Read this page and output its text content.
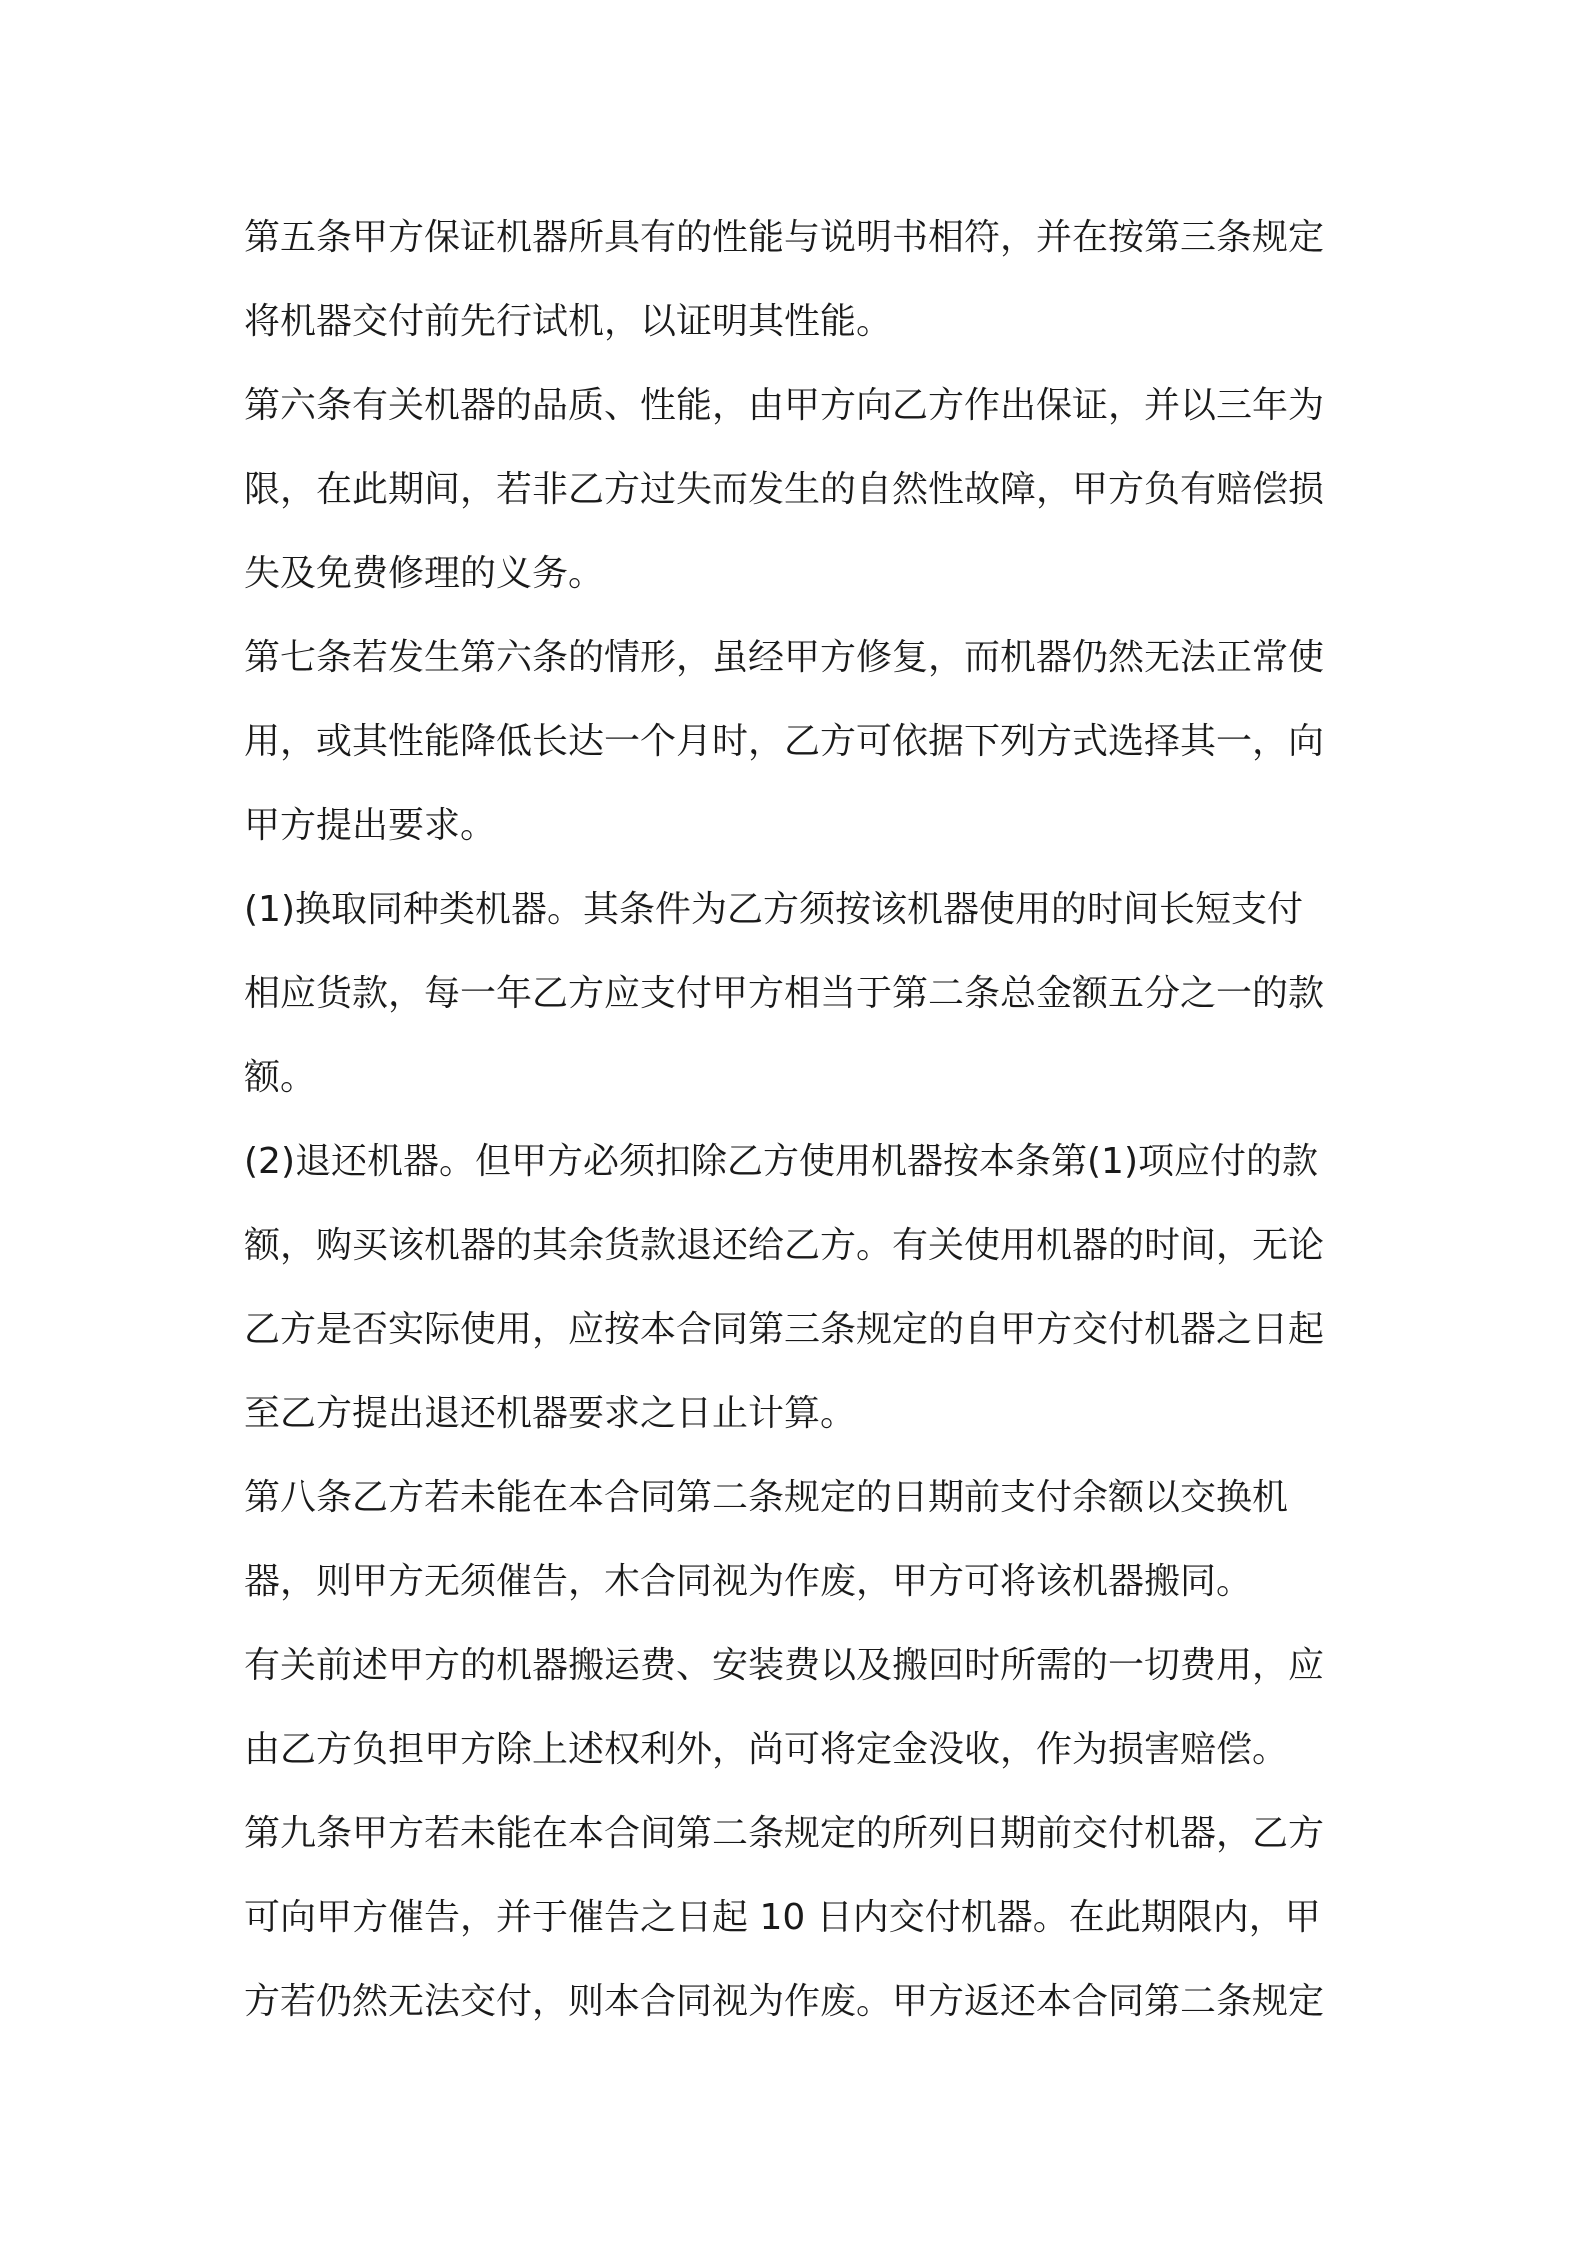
第五条甲方保证机器所具有的性能与说明书相符，并在按第三条规定
将机器交付前先行试机，以证明其性能。
第六条有关机器的品质、性能，由甲方向乙方作出保证，并以三年为
限，在此期间，若非乙方过失而发生的自然性故障，甲方负有赔偿损
失及免费修理的义务。
第七条若发生第六条的情形，虽经甲方修复，而机器仍然无法正常使
用，或其性能降低长达一个月时，乙方可依据下列方式选择其一，向
甲方提出要求。
(1)换取同种类机器。其条件为乙方须按该机器使用的时间长短支付
相应货款，每一年乙方应支付甲方相当于第二条总金额五分之一的款
额。
(2)退还机器。但甲方必须扣除乙方使用机器按本条第(1)项应付的款
额，购买该机器的其余货款退还给乙方。有关使用机器的时间，无论
乙方是否实际使用，应按本合同第三条规定的自甲方交付机器之日起
至乙方提出退还机器要求之日止计算。
第八条乙方若未能在本合同第二条规定的日期前支付余额以交换机
器，则甲方无须催告，木合同视为作废，甲方可将该机器搬同。
有关前述甲方的机器搬运费、安装费以及搬回时所需的一切费用，应
由乙方负担甲方除上述权利外，尚可将定金没收，作为损害赔偿。
第九条甲方若未能在本合间第二条规定的所列日期前交付机器，乙方
可向甲方催告，并于催告之日起 10 日内交付机器。在此期限内，甲
方若仍然无法交付，则本合同视为作废。甲方返还本合同第二条规定
